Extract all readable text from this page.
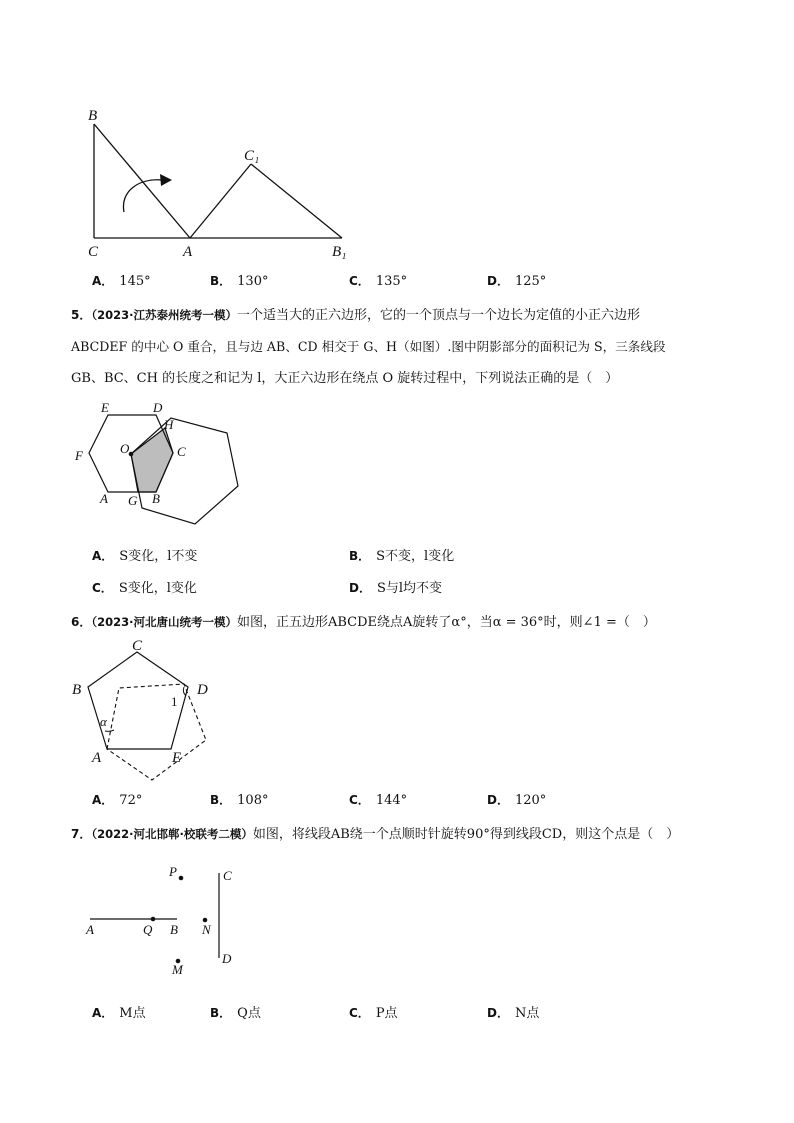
B
C	A
C₁
B₁
A． 145°	B． 130°	C． 135°	D． 125°
5．（2023·江苏泰州统考一模）一个适当大的正六边形，它的一个顶点与一个边长为定值的小正六边形
ABCDEF 的中心 O 重合，且与边 AB、CD 相交于 G、H（如图）.图中阴影部分的面积记为 S，三条线段
GB、BC、CH 的长度之和记为 l，大正六边形在绕点 O 旋转过程中，下列说法正确的是（　）
E	D
H
F	O	C
A G B
A． S变化，l不变	B． S不变，l变化
C． S变化，l变化	D． S与l均不变
6．（2023·河北唐山统考一模）如图，正五边形ABCDE绕点A旋转了α°，当α = 36°时，则∠1 =（　）
C
B	D
1
α
A	E
A． 72°	B． 108°	C． 144°	D． 120°
7．（2022·河北邯郸·校联考二模）如图，将线段AB绕一个点顺时针旋转90°得到线段CD，则这个点是（　）
P	C
A	Q B N
M
D
A． M点	B． Q点	C． P点	D． N点
